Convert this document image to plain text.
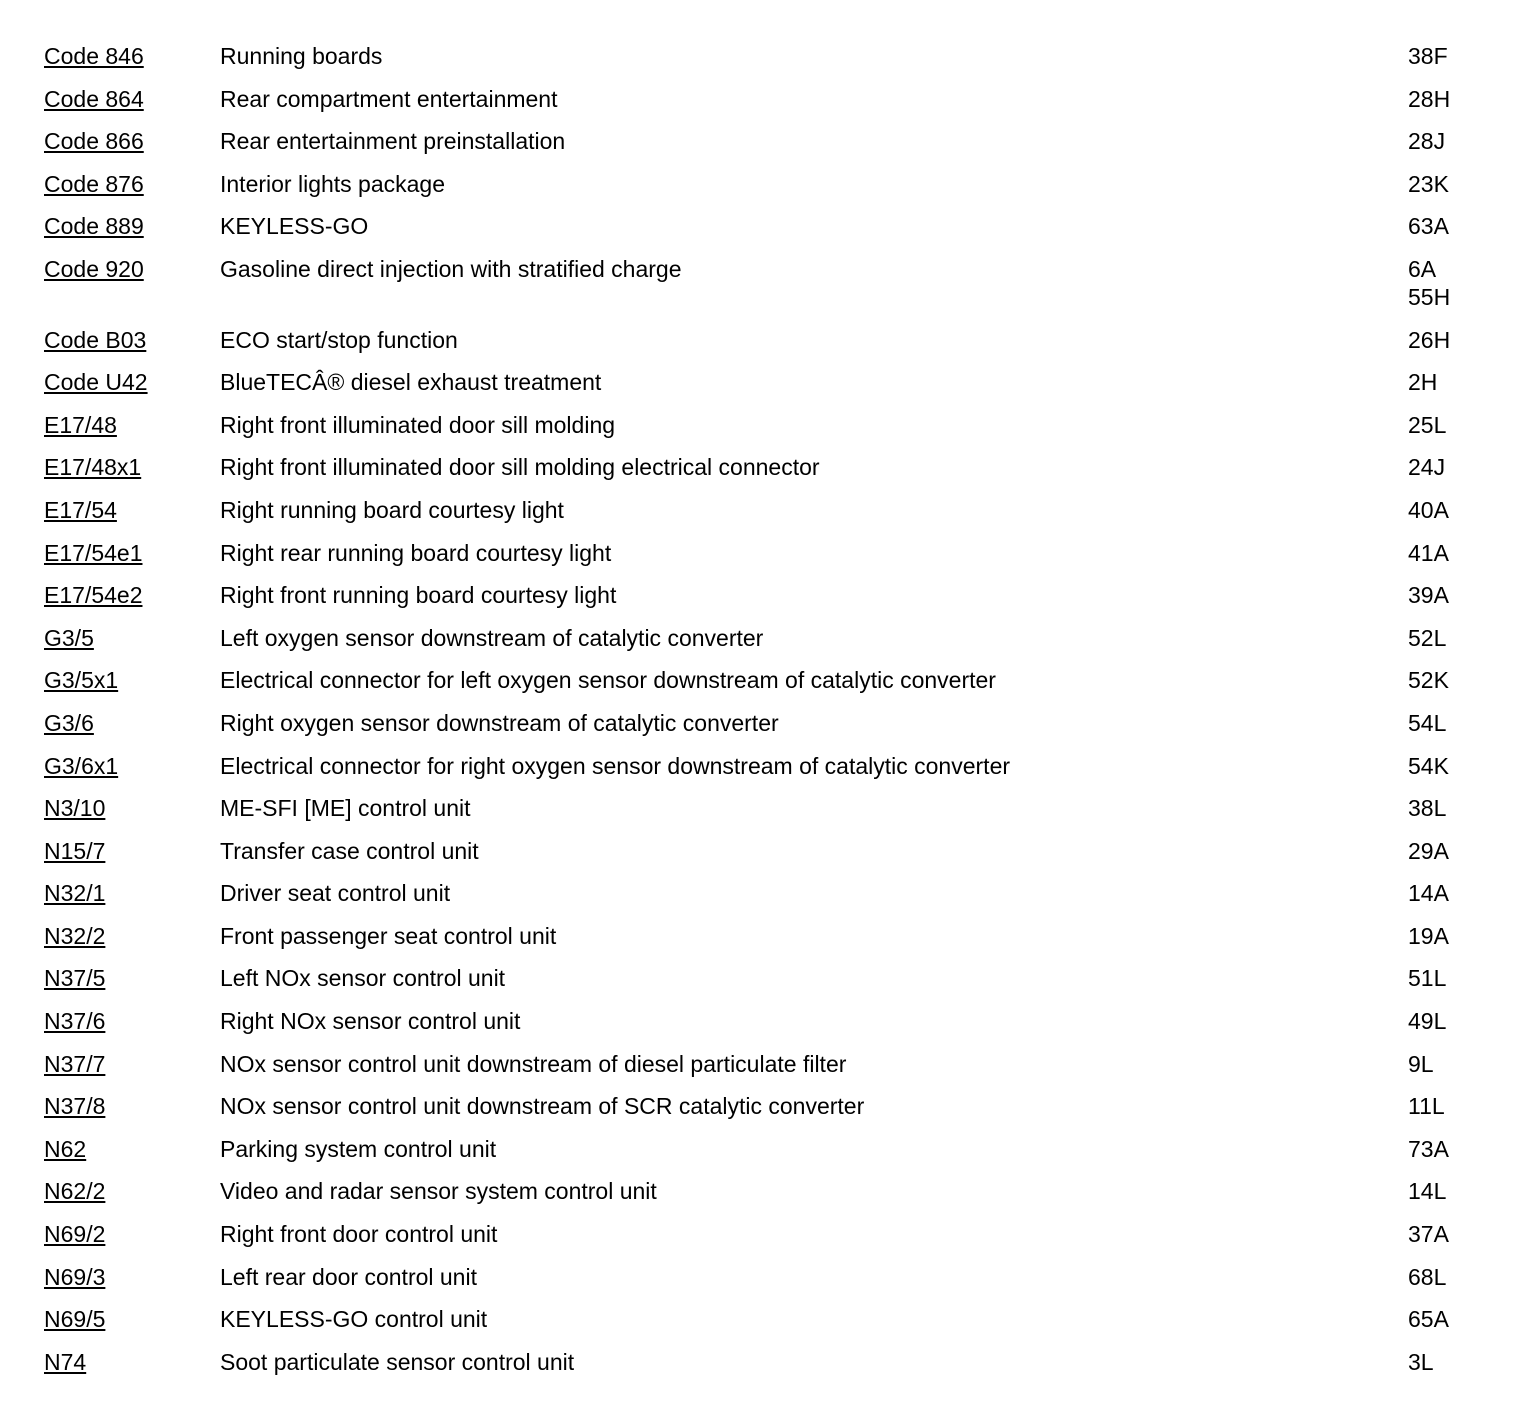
Code 846	Running boards	38F
Code 864	Rear compartment entertainment	28H
Code 866	Rear entertainment preinstallation	28J
Code 876	Interior lights package	23K
Code 889	KEYLESS-GO	63A
Code 920	Gasoline direct injection with stratified charge	6A
55H
Code B03	ECO start/stop function	26H
Code U42	BlueTECÂ® diesel exhaust treatment	2H
E17/48	Right front illuminated door sill molding	25L
E17/48x1	Right front illuminated door sill molding electrical connector	24J
E17/54	Right running board courtesy light	40A
E17/54e1	Right rear running board courtesy light	41A
E17/54e2	Right front running board courtesy light	39A
G3/5	Left oxygen sensor downstream of catalytic converter	52L
G3/5x1	Electrical connector for left oxygen sensor downstream of catalytic converter	52K
G3/6	Right oxygen sensor downstream of catalytic converter	54L
G3/6x1	Electrical connector for right oxygen sensor downstream of catalytic converter	54K
N3/10	ME-SFI [ME] control unit	38L
N15/7	Transfer case control unit	29A
N32/1	Driver seat control unit	14A
N32/2	Front passenger seat control unit	19A
N37/5	Left NOx sensor control unit	51L
N37/6	Right NOx sensor control unit	49L
N37/7	NOx sensor control unit downstream of diesel particulate filter	9L
N37/8	NOx sensor control unit downstream of SCR catalytic converter	11L
N62	Parking system control unit	73A
N62/2	Video and radar sensor system control unit	14L
N69/2	Right front door control unit	37A
N69/3	Left rear door control unit	68L
N69/5	KEYLESS-GO control unit	65A
N74	Soot particulate sensor control unit	3L
